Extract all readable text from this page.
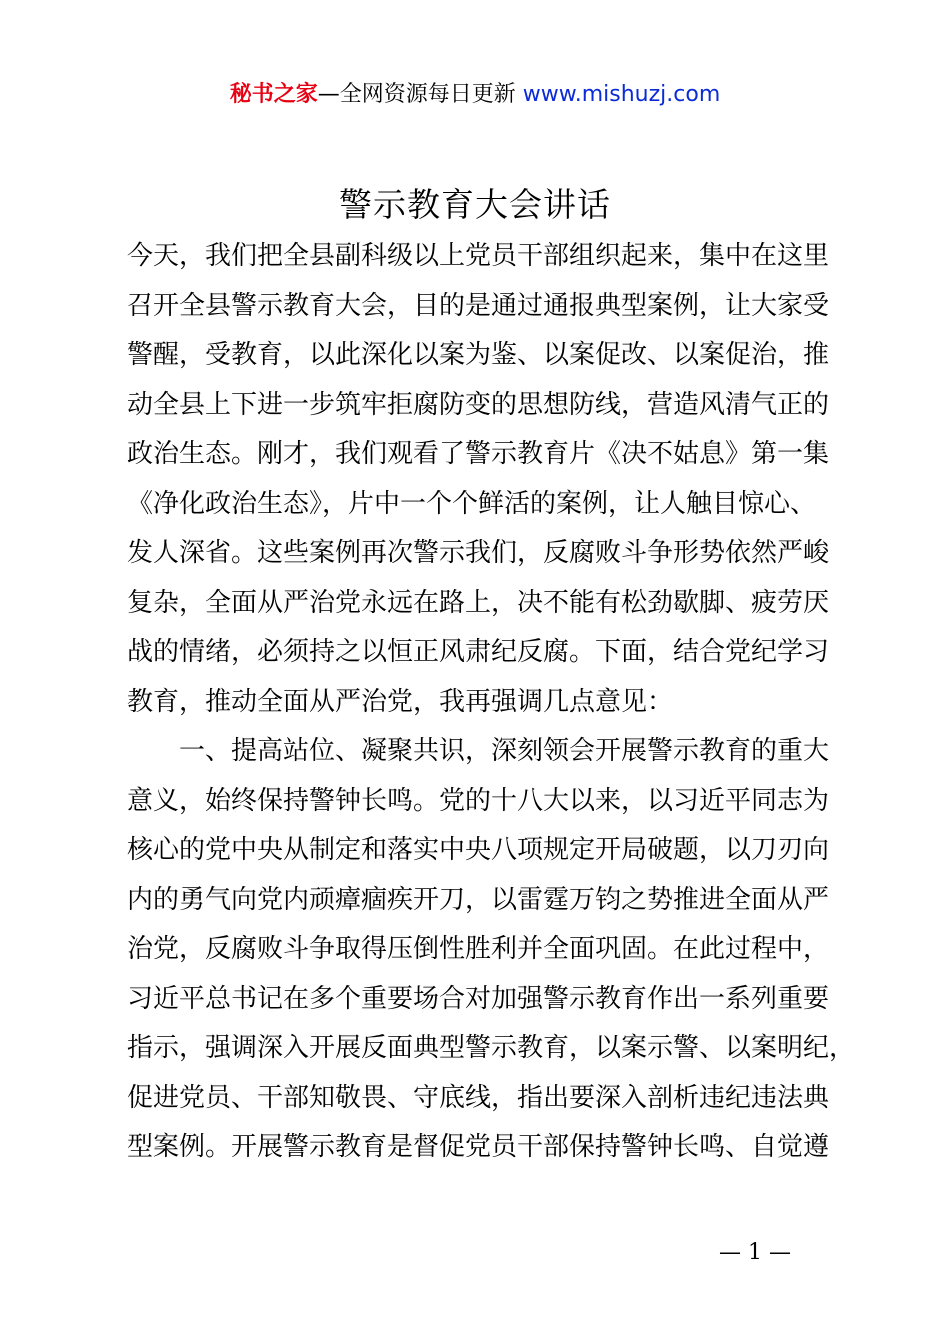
秘书之家—全网资源每日更新 www.mishuzj.com
警示教育大会讲话
今天，我们把全县副科级以上党员干部组织起来，集中在这里
召开全县警示教育大会，目的是通过通报典型案例，让大家受
警醒，受教育，以此深化以案为鉴、以案促改、以案促治，推
动全县上下进一步筑牢拒腐防变的思想防线，营造风清气正的
政治生态。刚才，我们观看了警示教育片《决不姑息》第一集
《净化政治生态》，片中一个个鲜活的案例，让人触目惊心、
发人深省。这些案例再次警示我们，反腐败斗争形势依然严峻
复杂，全面从严治党永远在路上，决不能有松劲歇脚、疲劳厌
战的情绪，必须持之以恒正风肃纪反腐。下面，结合党纪学习
教育，推动全面从严治党，我再强调几点意见：
一、提高站位、凝聚共识，深刻领会开展警示教育的重大
意义，始终保持警钟长鸣。党的十八大以来，以习近平同志为
核心的党中央从制定和落实中央八项规定开局破题，以刀刃向
内的勇气向党内顽瘴痼疾开刀，以雷霆万钧之势推进全面从严
治党，反腐败斗争取得压倒性胜利并全面巩固。在此过程中，
习近平总书记在多个重要场合对加强警示教育作出一系列重要
指示，强调深入开展反面典型警示教育，以案示警、以案明纪，
促进党员、干部知敬畏、守底线，指出要深入剖析违纪违法典
型案例。开展警示教育是督促党员干部保持警钟长鸣、自觉遵
— 1 —
